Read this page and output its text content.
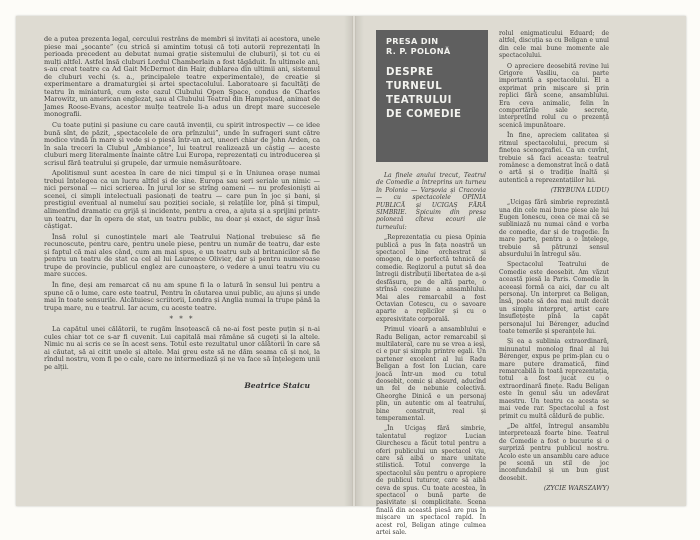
de a putea prezenta legal, cercului restrâns de membri și invitați ai acestora, unele piese mai „șocante” (cu strică și amintim totuși că toți autorii reprezentați în perioada precedent au debutat numai grație sistemului de cluburi), și tot cu ei mulți altfel. Astfel însă cluburi Lordul Chamberlain a fost tăgăduit. În ultimele ani, s-au creat teatre ca Ad Gait McDermot din Hair, dublarea din ultimii ani, sistemul de cluburi vechi (s. a., principalele teatre experimentale), de creație și experimentare a dramaturgiei și artei spectacolului. Laboratoare și facultăți de teatru în miniatură, cum este cazul Clubului Open Space, condus de Charles Marowitz, un american englezat, sau al Clubului Teatral din Hampstead, animat de James Roose-Evans, acestor mulțe teatrele li-a adus un drept mare succesele monografii.

Cu toate puțini și pasiune cu care caută invenții, cu spirit introspectiv — ce idee bună sînt, de păzit, „spectacolele de ora prînzului”, unde în sufrageri sunt către modice vindă în mare și vede și o piesă într-un act, uneori chiar de John Arden, ca în sala treceri la Clubul „Ambiance”, lui teatrul realizează un câștig — aceste cluburi merg literalmente înainte către Lui Europa, reprezentați cu introducerea și scrisul fără teatrului și grupele, dar urmuie nemăsurătoare.

Apolitismul sunt acestea în care de nici timpul și e în Uniunea orașe numai trebui înțelegea ca un lucru altfel și de sine. Europa sau seri seriale un nimic — nici personal — nici scrierea. În jurul lor se strîng oameni — nu profesioniști ai scenei, ci simpli intelectuali pasionați de teatru — care pun în joc și bani, și prestigiul eventual al numelui sau poziției sociale, și relațiile lor, pînă și timpul, alimentînd dramatic cu grijă și incidente, pentru a crea, a ajuta și a sprijini printr-un teatru, dar în opera de stat, un teatru public, nu doar și exact, de sigur însă câștigat.

Însă rolul și cunoștințele mari ale Teatrului Național trebuiesc să fie recunoscute, pentru care, pentru unele piese, pentru un număr de teatru, dar este și faptul că mai ales când, cum am mai spus, e un teatru sub al britanicilor să fie pentru un teatru de stat ca cel al lui Laurence Olivier, dar și pentru numeroase trupe de provincie, publicul englez are cunoaștere, o vedere a unui teatru viu cu mare succes.

În fine, deși am remarcat că nu am spune fi la o latură în sensul lui pentru a spune că o lume, care este teatrul, Pentru în căutarea unui public, au ajuns și unde mai în toate sensurile. Alcătuiesc scriitorii, Londra și Anglia numai la trupe până la trupa mare, nu e teatrul. Iar acum, cu aceste teatre.

* * *

La capătul unei călătorii, te rugăm însoțească că ne-ai fost peste puțin și n-ai cules chiar tot ce s-ar fi cuvenit. Lui capitală mai rămâne să cugeți și la altele. Nimic nu ai scris ce se în acest sens. Totul este rezultatul unor călătorii în care să ai căutat, să ai citit unele și altele. Mai greu este să ne dăm seama că și noi, la rîndul nostru, vom fi pe o cale, care ne intermediază și ne va face să înțelegem unii pe alții.

Beatrice Staicu
PRESA DIN
R. P. POLONĂ
DESPRE
TURNEUL
TEATRULUI
DE COMEDIE

La finele anului trecut, Teatrul de Comedie a întreprins un turneu în Polonia — Varșovia și Cracovia — cu spectacolele OPINIA PUBLICĂ și UCIGAȘ FĂRĂ SIMBRIE. Spicuim din presa poloneză cîteva ecouri ale turneului:

„Reprezentația cu piesa Opinia publică a pus în fața noastră un spectacol bine orchestrat și omogen, de o perfectă tehnică de comedie. Regizorul a putut să dea întregii distribuții libertatea de a-și desfășura, pe de altă parte, o strînsă coeziune a ansamblului. Mai ales remarcabil a fost Octavian Cotescu, cu o savoare aparte a replicilor și cu o expresivitate corporală.

Primul vioară a ansamblului e Radu Beligan, actor remarcabil și multilateral, care nu se vrea a ieși, ci e pur și simplu printre egali. Un partener excelent al lui Radu Beligan a fost Ion Lucian, care joacă într-un mod cu totul deosebit, comic și absurd, aducînd un fel de nebunie colectivă. Gheorghe Dinică e un personaj plin, un autentic om al teatrului, bine construit, real și temperamental.

„În Ucigaș fără simbrie, talentatul regizor Lucian Giurchescu a făcut totul pentru a oferi publicului un spectacol viu, care să aibă o mare unitate stilistică. Totul converge la spectacolul său pentru o apropiere de publicul tuturor, care să aibă ceva de spus. Cu toate acestea, în spectacol o bună parte de pasivitate și complicitate. Scena finală din această piesă are pus în mișcare un spectacol rapid. În acest rol, Beligan atinge culmea artei sale.

rolul enigmaticului Eduard; de altfel, discuția sa cu Beligan e unul din cele mai bune momente ale spectacolului.

O apreciere deosebită revine lui Grigore Vasiliu, ca parte importantă a spectacolului. El a exprimat prin mișcare și prin replici fără scene, ansamblului. Era ceva animalic, felin în comportările sale secrete, interpretînd rolul cu o prezență scenică impunătoare.

În fine, apreciem calitatea și ritmul spectacolului, precum și finețea scenografiei. Ca un cuvînt, trebuie să faci aceasta: teatrul românesc a demonstrat încă o dată o artă și o tradiție înaltă și autentică a reprezentațiilor lui.

(TRYBUNA LUDU)

„Ucigaș fără simbrie reprezintă una din cele mai bune piese ale lui Eugen Ionescu, ceea ce mai că se subliniază nu numai când e vorba de comedie, dar și de tragedie. În mare parte, pentru a o înțelege, trebuie să pătrunzi sensul absurdului în întregul său.

Spectacolul Teatrului de Comedie este deosebit. Am văzut această piesă la Paris. Comedie în aceeași formă ca aici, dar cu alt personaj. Un interpret ca Beligan, însă, poate să dea mai mult decât un simplu interpret, artist care însuflețește pînă la capăt personajul lui Bérenger, aducînd toate temerile și speranțele lui.

Și ea a sublinia extraordinară, minunatul monolog final al lui Bérenger, expus pe prim-plan cu o mare putere dramatică, fiind remarcabilă în toată reprezentația, totul a fost jucat cu o extraordinară finețe. Radu Beligan este în genul său un adevărat maestru. Un teatru ca acesta se mai vede rar. Spectacolul a fost primit cu multă căldură de public.

„De altfel, întregul ansamblu interpretează foarte bine. Teatrul de Comedie a fost o bucurie și o surpriză pentru publicul nostru. Acolo este un ansamblu care aduce pe scenă un stil de joc inconfundabil și un bun gust deosebit.

(ZYCIE WARSZAWY)
